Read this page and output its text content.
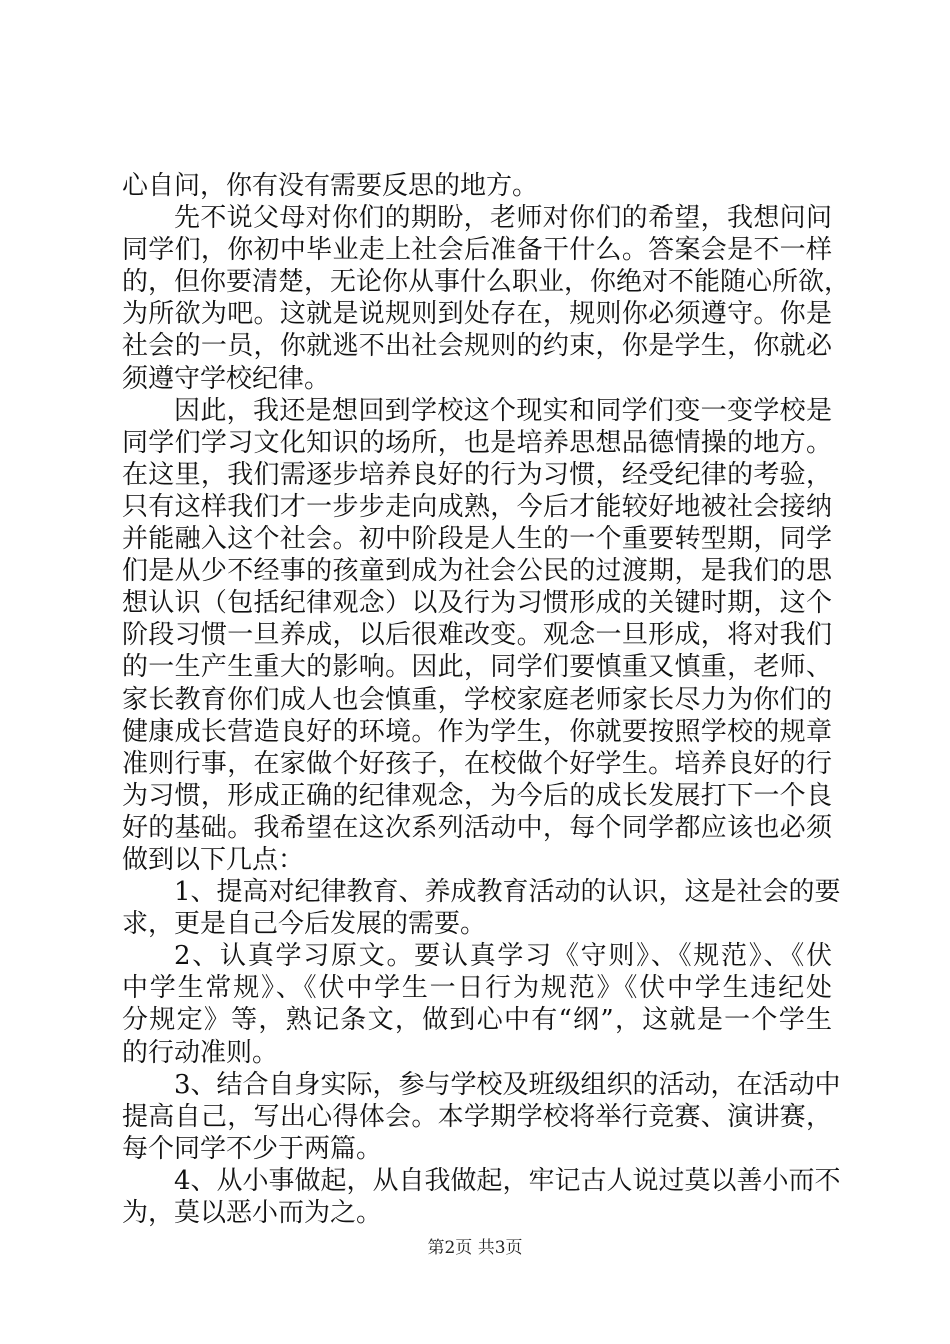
心自问，你有没有需要反思的地方。
先不说父母对你们的期盼，老师对你们的希望，我想问问
同学们，你初中毕业走上社会后准备干什么。答案会是不一样
的，但你要清楚，无论你从事什么职业，你绝对不能随心所欲，
为所欲为吧。这就是说规则到处存在，规则你必须遵守。你是
社会的一员，你就逃不出社会规则的约束，你是学生，你就必
须遵守学校纪律。
因此，我还是想回到学校这个现实和同学们变一变学校是
同学们学习文化知识的场所，也是培养思想品德情操的地方。
在这里，我们需逐步培养良好的行为习惯，经受纪律的考验，
只有这样我们才一步步走向成熟，今后才能较好地被社会接纳
并能融入这个社会。初中阶段是人生的一个重要转型期，同学
们是从少不经事的孩童到成为社会公民的过渡期，是我们的思
想认识（包括纪律观念）以及行为习惯形成的关键时期，这个
阶段习惯一旦养成，以后很难改变。观念一旦形成，将对我们
的一生产生重大的影响。因此，同学们要慎重又慎重，老师、
家长教育你们成人也会慎重，学校家庭老师家长尽力为你们的
健康成长营造良好的环境。作为学生，你就要按照学校的规章
准则行事，在家做个好孩子，在校做个好学生。培养良好的行
为习惯，形成正确的纪律观念，为今后的成长发展打下一个良
好的基础。我希望在这次系列活动中，每个同学都应该也必须
做到以下几点：
1、提高对纪律教育、养成教育活动的认识，这是社会的要
求，更是自己今后发展的需要。
2、认真学习原文。要认真学习《守则》、《规范》、《伏
中学生常规》、《伏中学生一日行为规范》《伏中学生违纪处
分规定》等，熟记条文，做到心中有“纲”，这就是一个学生
的行动准则。
3、结合自身实际，参与学校及班级组织的活动，在活动中
提高自己，写出心得体会。本学期学校将举行竞赛、演讲赛，
每个同学不少于两篇。
4、从小事做起，从自我做起，牢记古人说过莫以善小而不
为，莫以恶小而为之。
第2页 共3页
